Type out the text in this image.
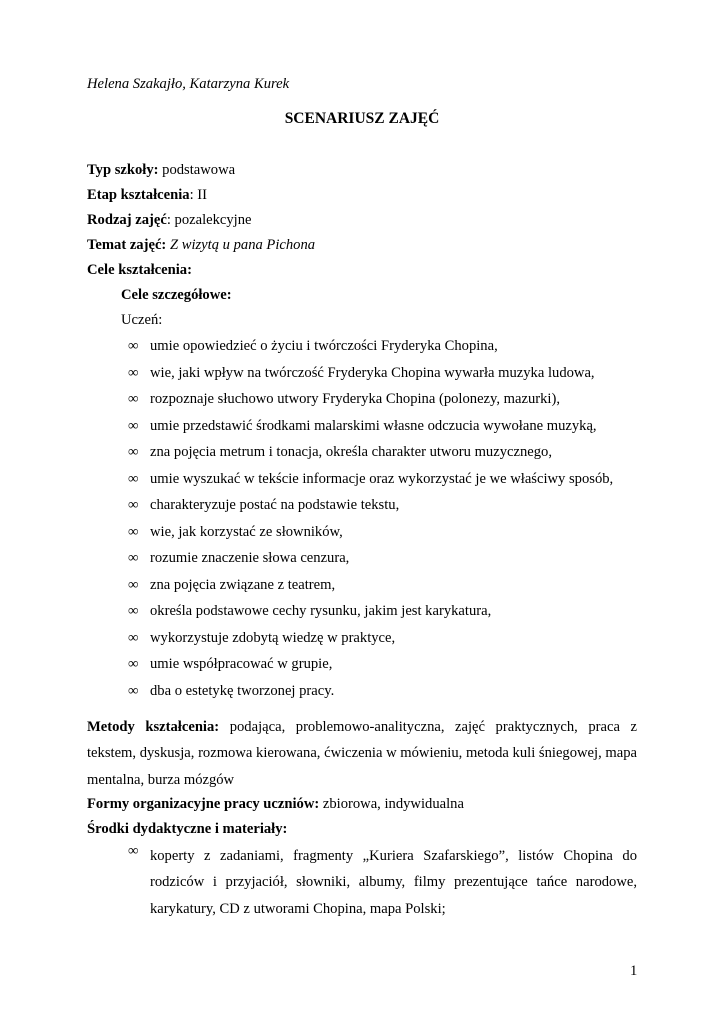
Helena Szakajło, Katarzyna Kurek
SCENARIUSZ ZAJĘĆ
Typ szkoły: podstawowa
Etap kształcenia: II
Rodzaj zajęć: pozalekcyjne
Temat zajęć: Z wizytą u pana Pichona
Cele kształcenia:
Cele szczegółowe:
Uczeń:
∞ umie opowiedzieć o życiu i twórczości Fryderyka Chopina,
∞ wie, jaki wpływ na twórczość Fryderyka Chopina wywarła muzyka ludowa,
∞ rozpoznaje słuchowo utwory Fryderyka Chopina (polonezy, mazurki),
∞ umie przedstawić środkami malarskimi własne odczucia wywołane muzyką,
∞ zna pojęcia metrum i tonacja, określa charakter utworu muzycznego,
∞ umie wyszukać w tekście informacje oraz wykorzystać je we właściwy sposób,
∞ charakteryzuje postać na podstawie tekstu,
∞ wie, jak korzystać ze słowników,
∞ rozumie znaczenie słowa cenzura,
∞ zna pojęcia związane z teatrem,
∞ określa podstawowe cechy rysunku, jakim jest karykatura,
∞ wykorzystuje zdobytą wiedzę w praktyce,
∞ umie współpracować w grupie,
∞ dba o estetykę tworzonej pracy.
Metody kształcenia: podająca, problemowo-analityczna, zajęć praktycznych, praca z tekstem, dyskusja, rozmowa kierowana, ćwiczenia w mówieniu, metoda kuli śniegowej, mapa mentalna, burza mózgów
Formy organizacyjne pracy uczniów: zbiorowa, indywidualna
Środki dydaktyczne i materiały:
∞ koperty z zadaniami, fragmenty „Kuriera Szafarskiego”, listów Chopina do rodziców i przyjaciół, słowniki, albumy, filmy prezentujące tańce narodowe, karykatury, CD z utworami Chopina, mapa Polski;
1
